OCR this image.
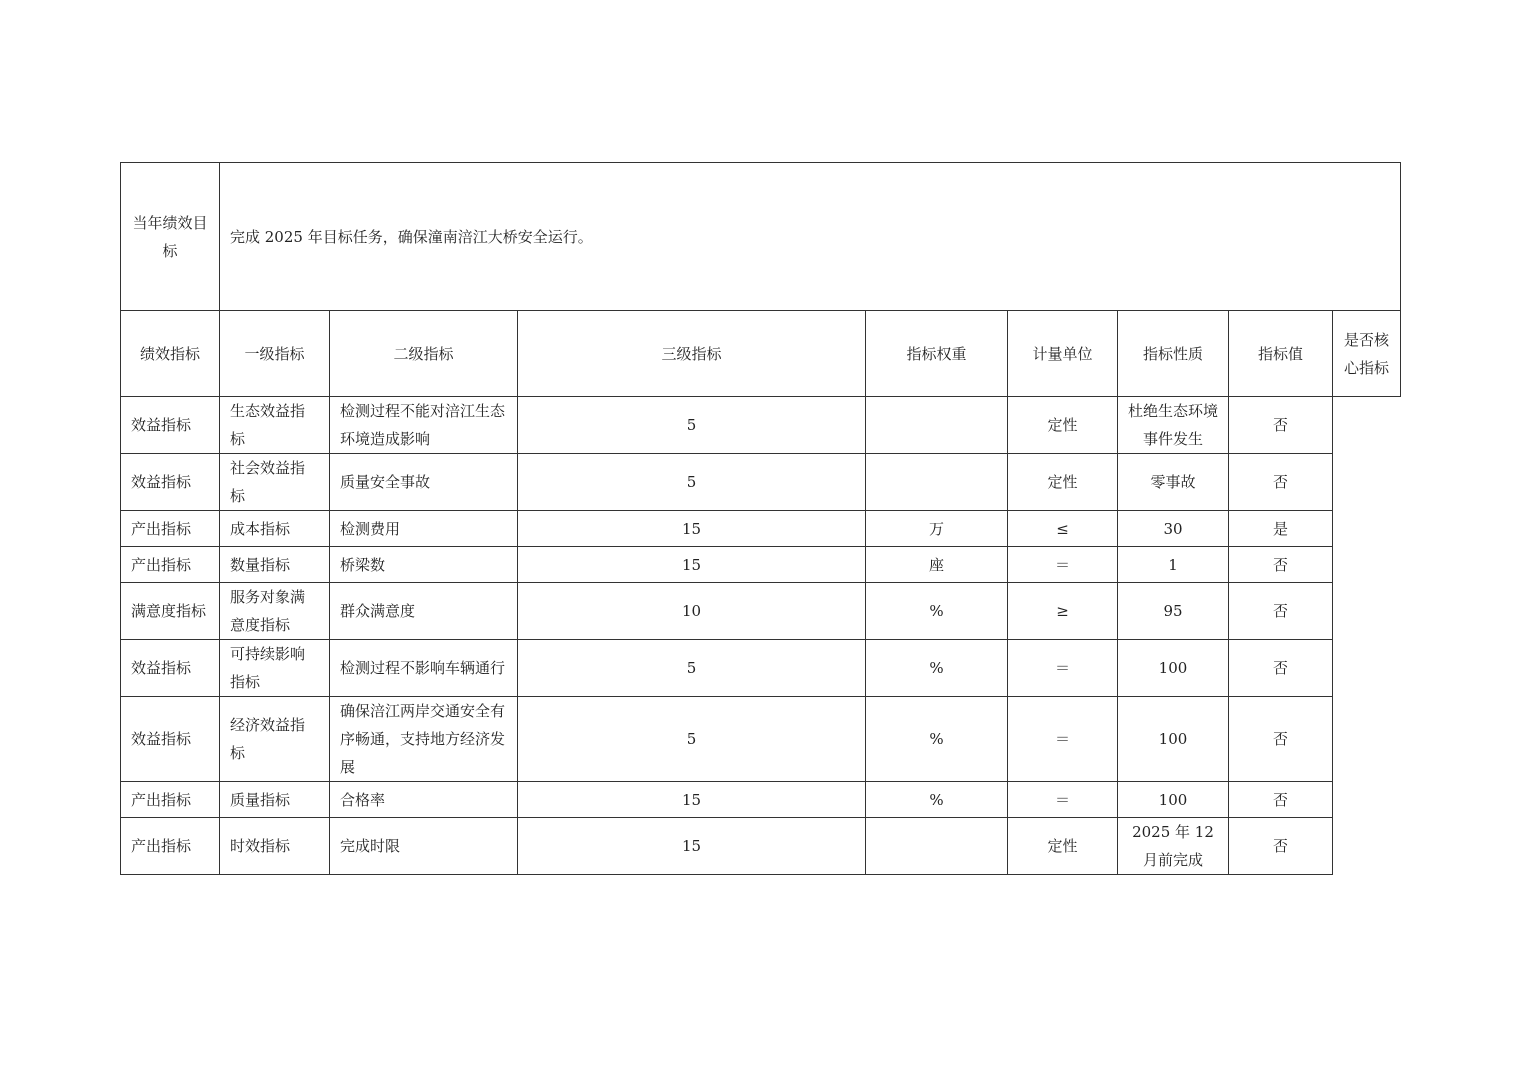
当年绩效目标	完成 2025 年目标任务，确保潼南涪江大桥安全运行。							
绩效指标	一级指标	二级指标	三级指标	指标权重	计量单位	指标性质	指标值	是否核心指标
效益指标	生态效益指标	检测过程不能对涪江生态环境造成影响	5		定性	杜绝生态环境事件发生	否	
效益指标	社会效益指标	质量安全事故	5		定性	零事故	否	
产出指标	成本指标	检测费用	15	万	≤	30	是	
产出指标	数量指标	桥梁数	15	座	＝	1	否	
满意度指标	服务对象满意度指标	群众满意度	10	%	≥	95	否	
效益指标	可持续影响指标	检测过程不影响车辆通行	5	%	＝	100	否	
效益指标	经济效益指标	确保涪江两岸交通安全有序畅通，支持地方经济发展	5	%	＝	100	否	
产出指标	质量指标	合格率	15	%	＝	100	否	
产出指标	时效指标	完成时限	15		定性	2025 年 12 月前完成	否	
